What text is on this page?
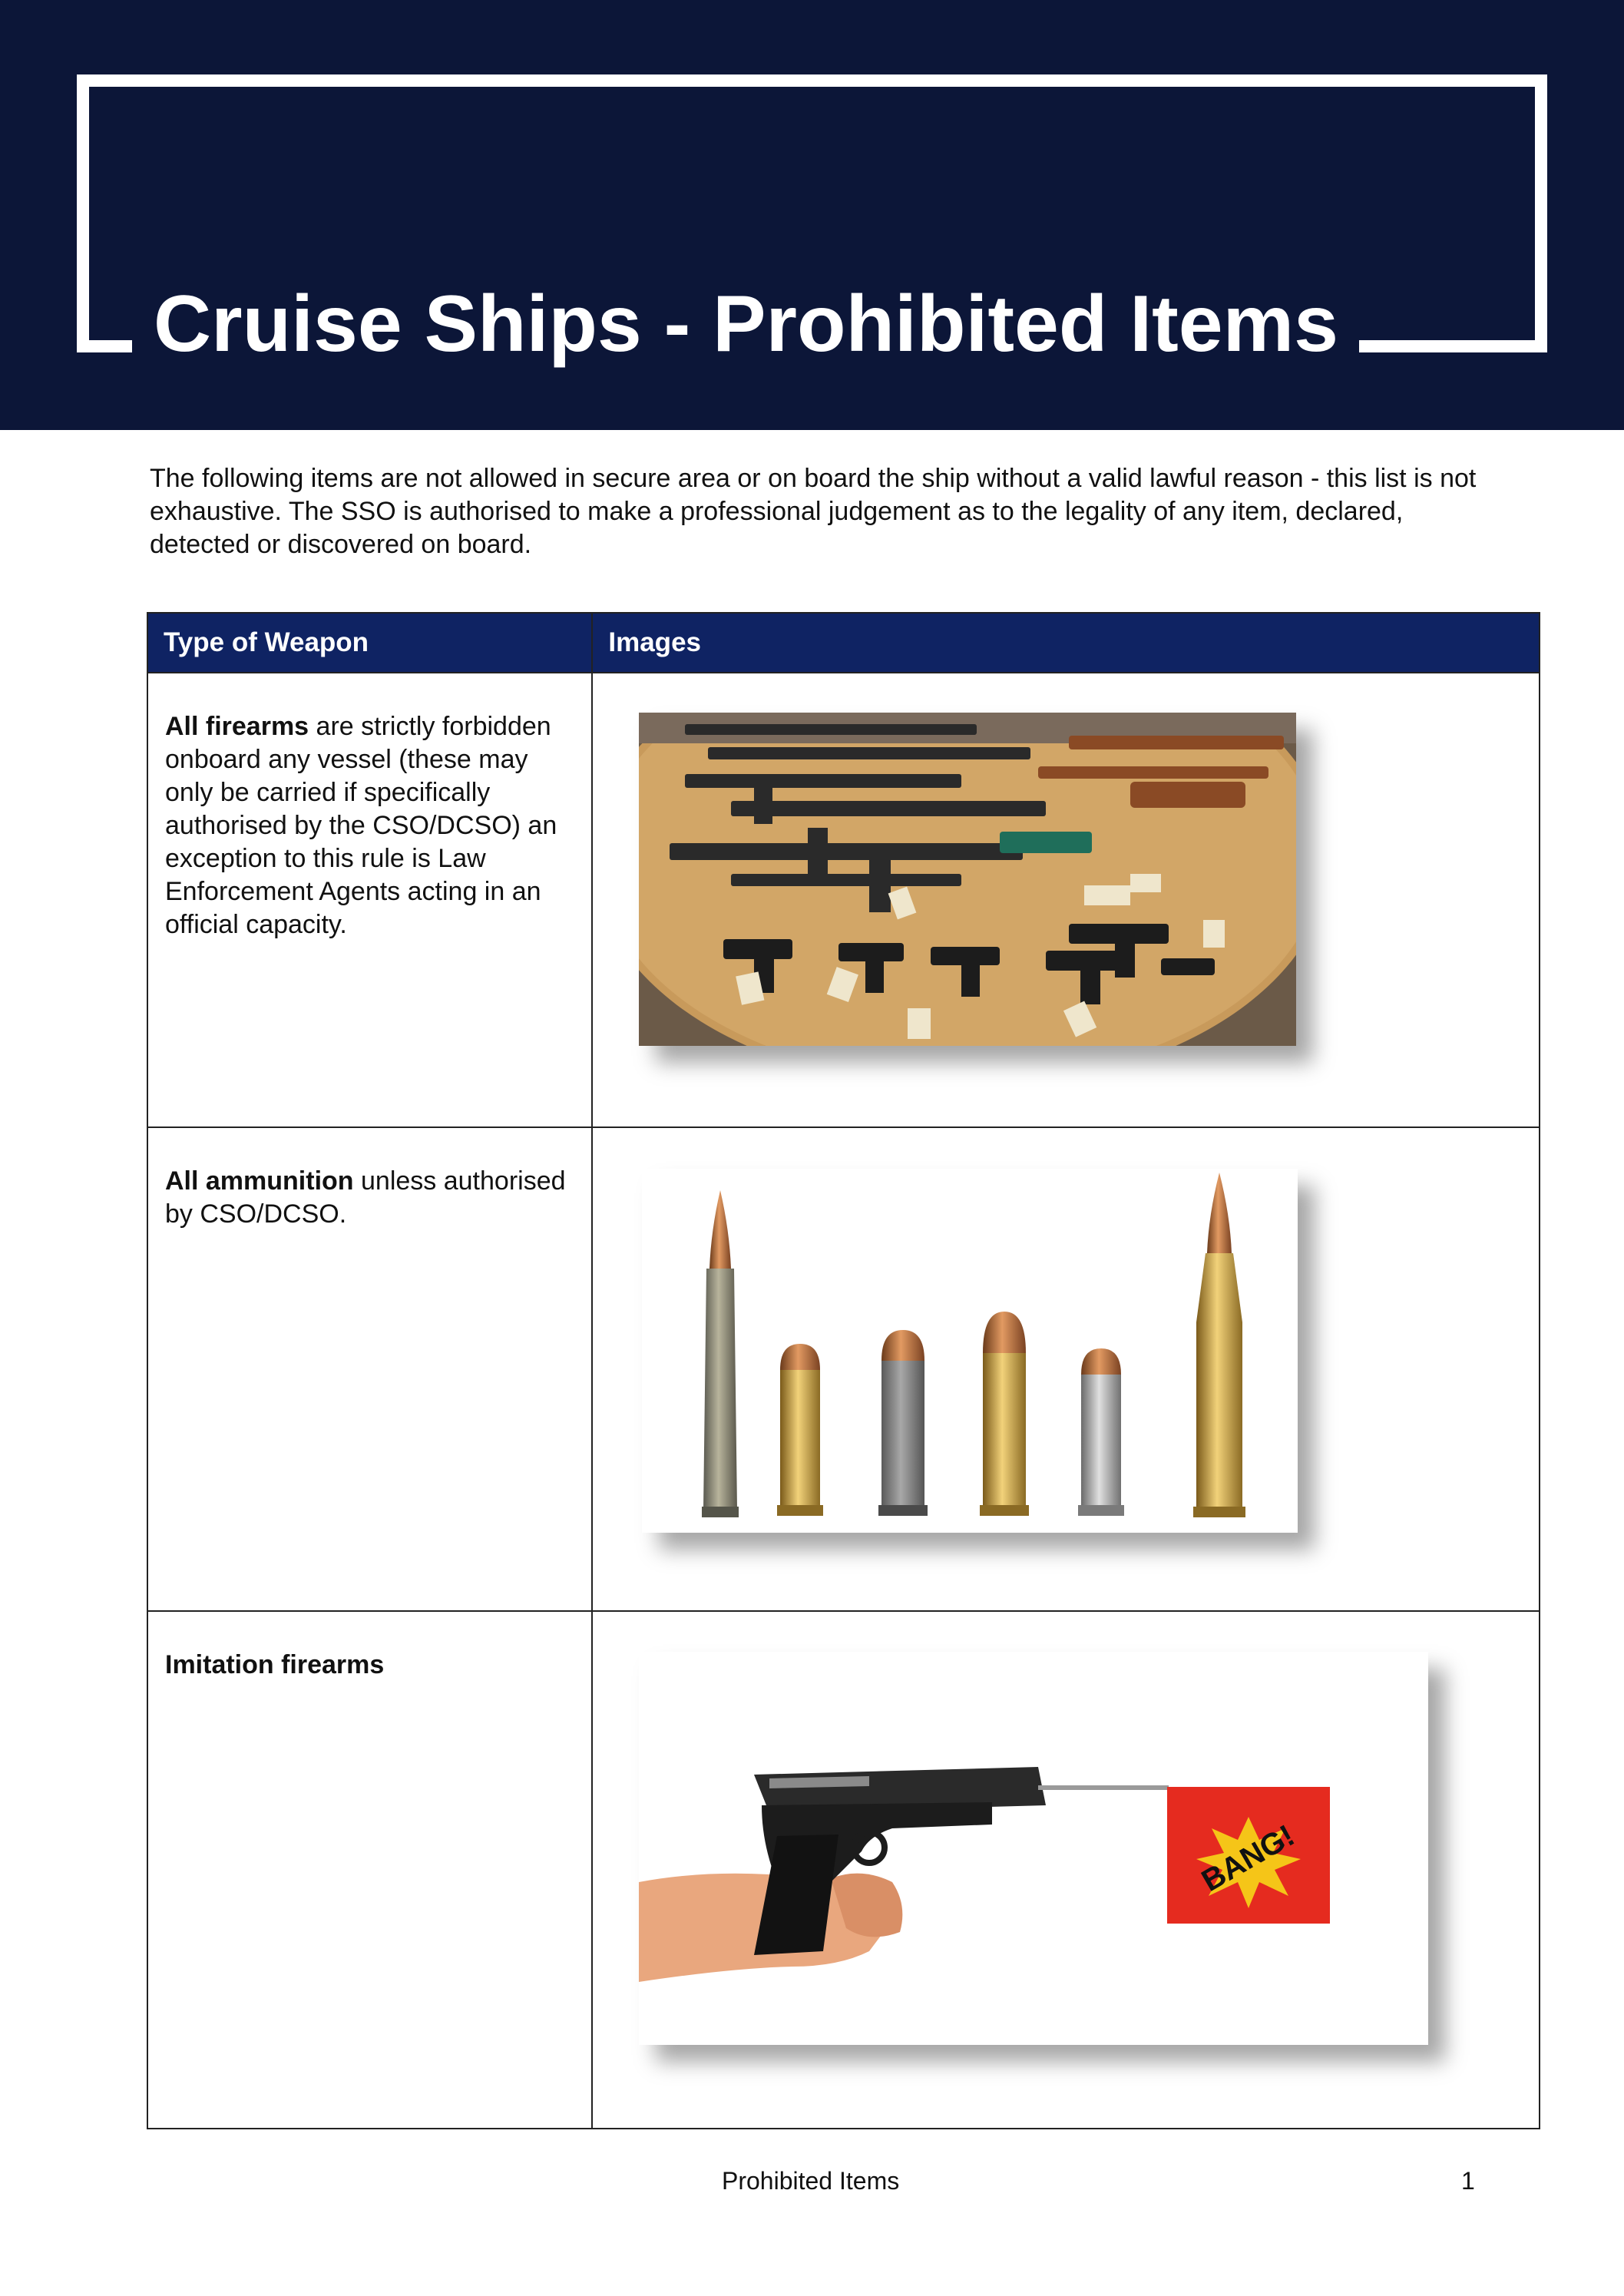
Cruise Ships - Prohibited Items

The following items are not allowed in secure area or on board the ship without a valid lawful reason - this list is not exhaustive. The SSO is authorised to make a professional judgement as to the legality of any item, declared, detected or discovered on board.

Type of Weapon	Images
All firearms are strictly forbidden onboard any vessel (these may only be carried if specifically authorised by the CSO/DCSO) an exception to this rule is Law Enforcement Agents acting in an official capacity.
All ammunition unless authorised by CSO/DCSO.
Imitation firearms
BANG!
Prohibited Items	1
